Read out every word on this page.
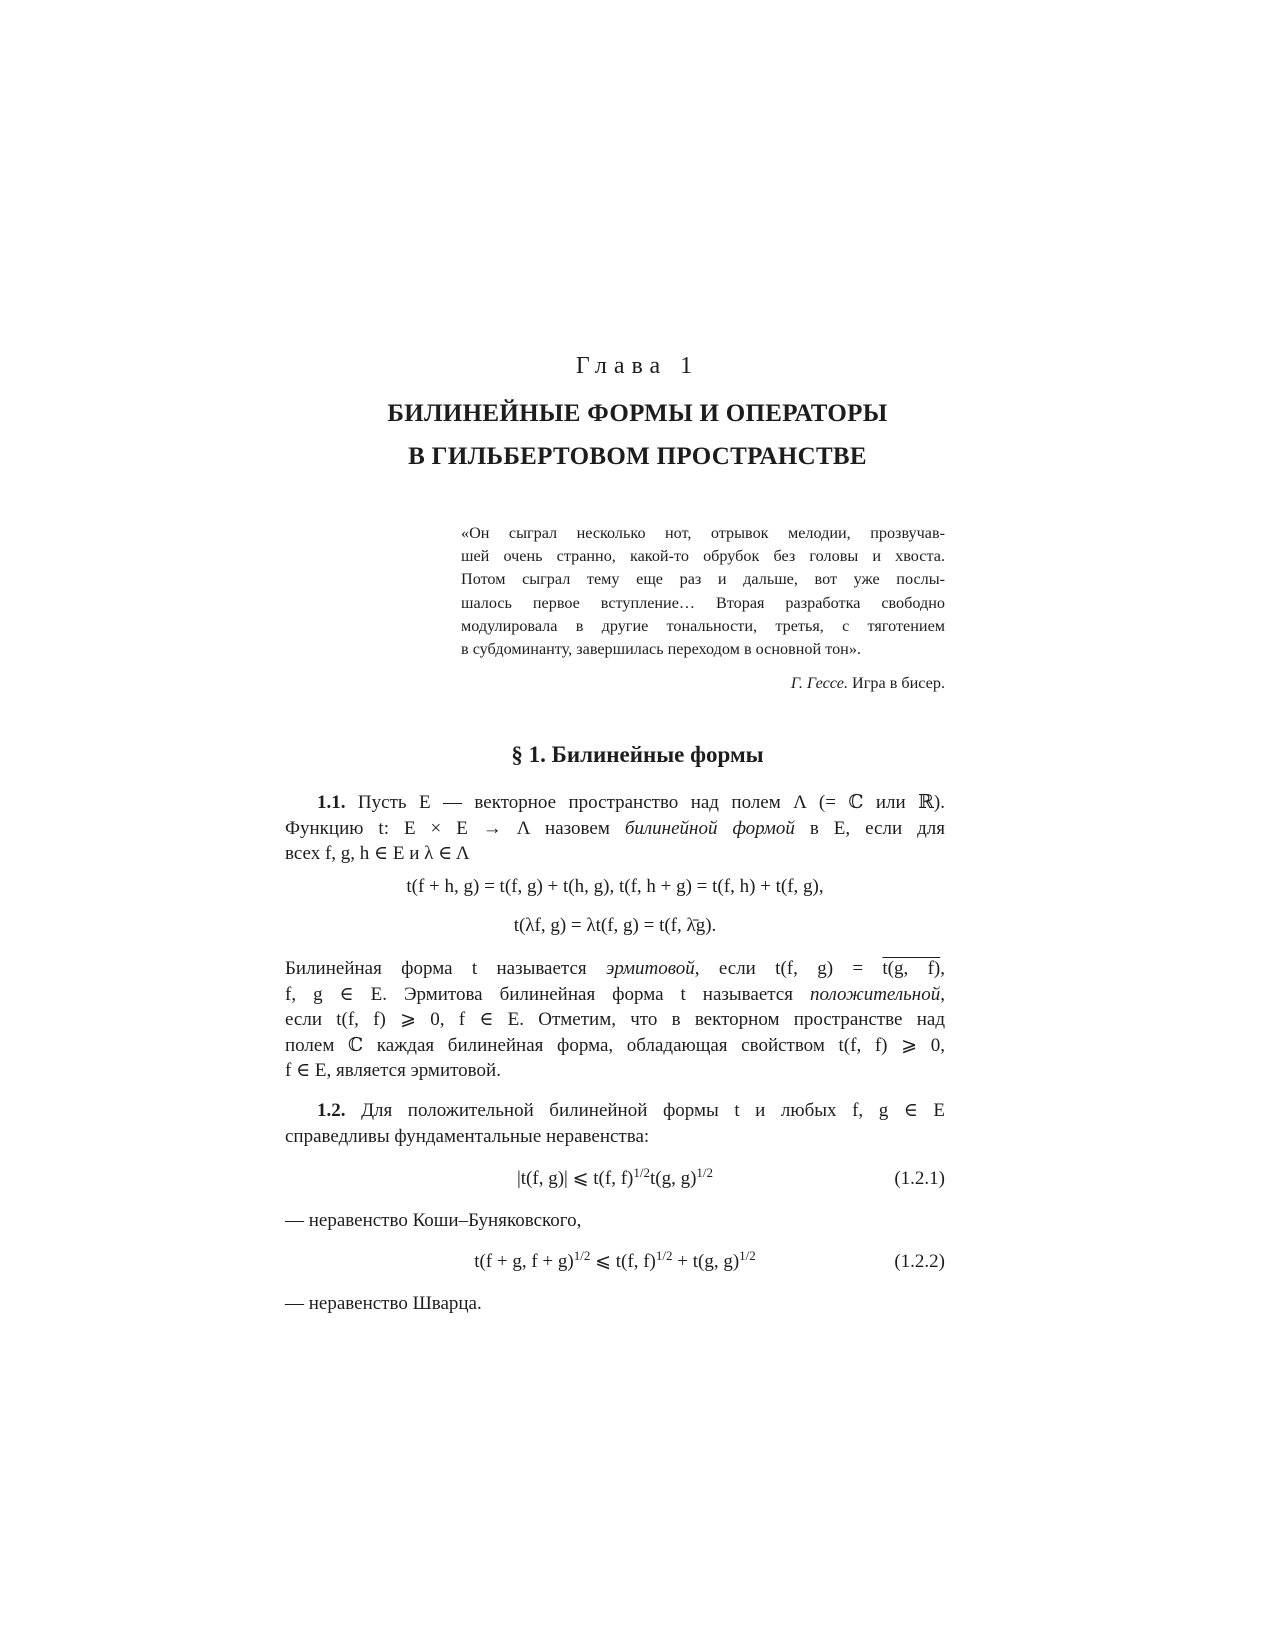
Глава 1
БИЛИНЕЙНЫЕ ФОРМЫ И ОПЕРАТОРЫ
В ГИЛЬБЕРТОВОМ ПРОСТРАНСТВЕ
«Он сыграл несколько нот, отрывок мелодии, прозвучав-
шей очень странно, какой-то обрубок без головы и хвоста.
Потом сыграл тему еще раз и дальше, вот уже послы-
шалось первое вступление… Вторая разработка свободно
модулировала в другие тональности, третья, с тяготением
в субдоминанту, завершилась переходом в основной тон».
Г. Гессе. Игра в бисер.
§ 1. Билинейные формы
1.1. Пусть E — векторное пространство над полем Λ (= ℂ или ℝ).
Функцию t: E × E → Λ назовем билинейной формой в E, если для
всех f, g, h ∈ E и λ ∈ Λ
t(f + h, g) = t(f, g) + t(h, g), t(f, h + g) = t(f, h) + t(f, g),
t(λf, g) = λt(f, g) = t(f, λ̄g).
Билинейная форма t называется эрмитовой, если t(f, g) = t(g, f),
f, g ∈ E. Эрмитова билинейная форма t называется положительной,
если t(f, f) ⩾ 0, f ∈ E. Отметим, что в векторном пространстве над
полем ℂ каждая билинейная форма, обладающая свойством t(f, f) ⩾ 0,
f ∈ E, является эрмитовой.
1.2. Для положительной билинейной формы t и любых f, g ∈ E
справедливы фундаментальные неравенства:
|t(f, g)| ⩽ t(f, f)$^{1/2}$t(g, g)$^{1/2}$	(1.2.1)
— неравенство Коши–Буняковского,
t(f + g, f + g)$^{1/2}$ ⩽ t(f, f)$^{1/2}$ + t(g, g)$^{1/2}$	(1.2.2)
— неравенство Шварца.
